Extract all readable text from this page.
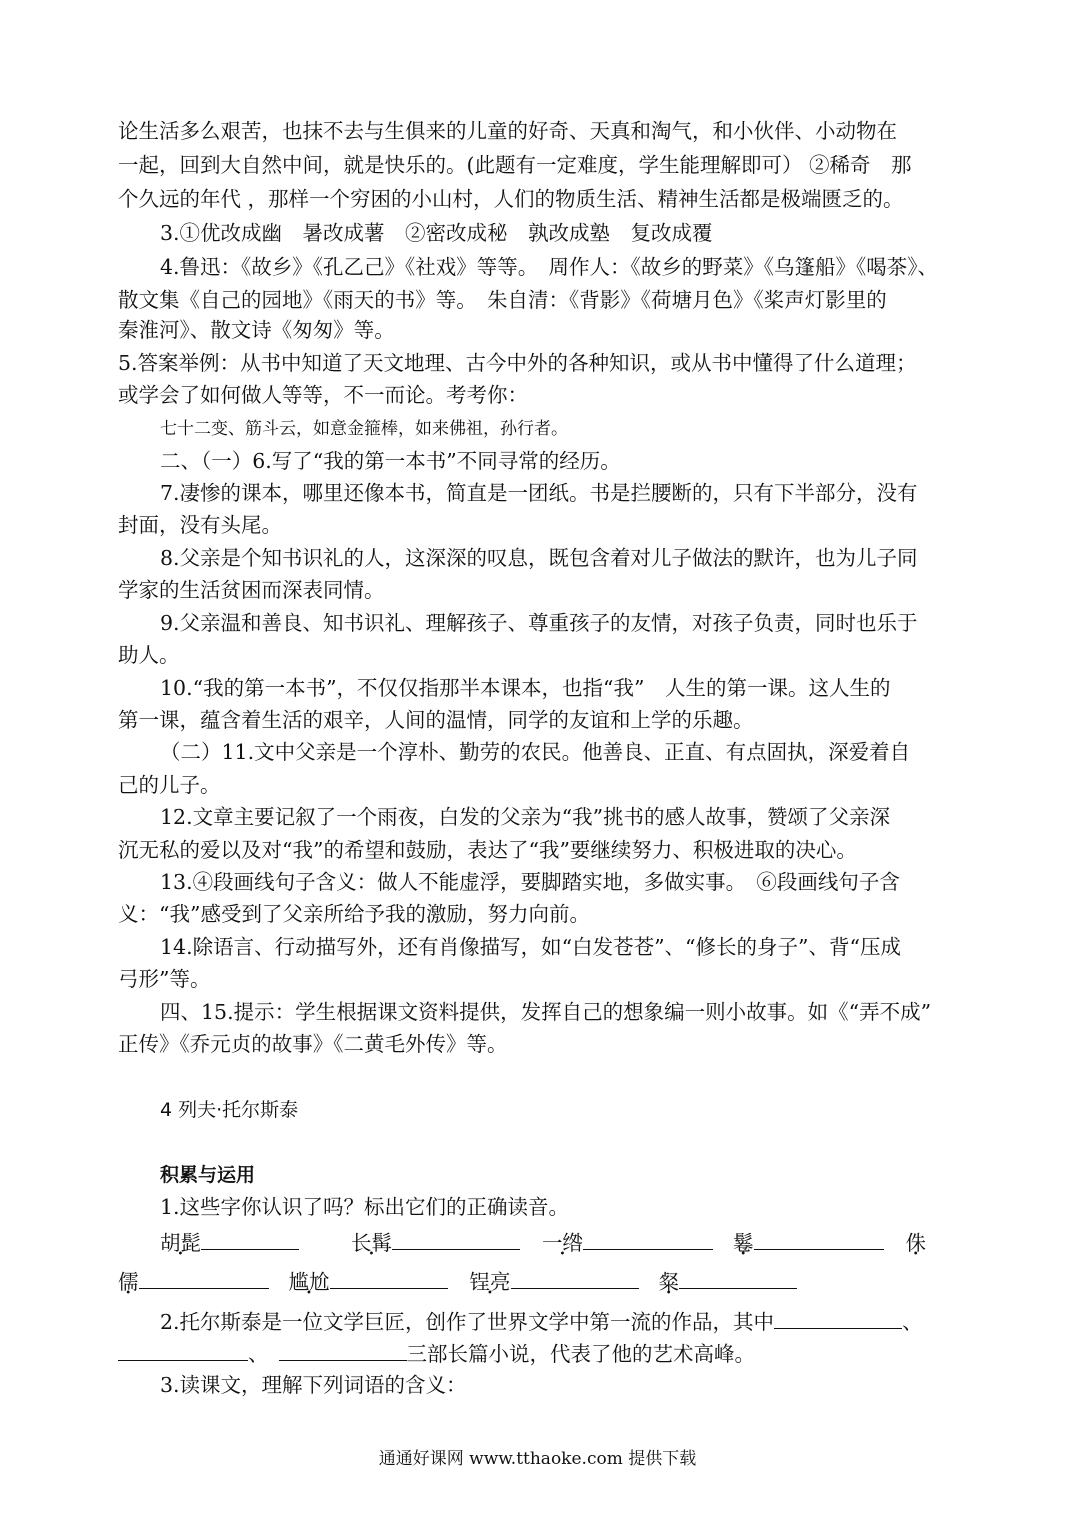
论生活多么艰苦，也抹不去与生俱来的儿童的好奇、天真和淘气，和小伙伴、小动物在
一起，回到大自然中间，就是快乐的。(此题有一定难度，学生能理解即可） ②稀奇　那
个久远的年代 ，那样一个穷困的小山村，人们的物质生活、精神生活都是极端匮乏的。
3.①优改成幽　暑改成薯　②密改成秘　孰改成塾　复改成覆
4.鲁迅：《故乡》《孔乙己》《社戏》等等。　周作人：《故乡的野菜》《乌篷船》《喝茶》、
散文集《自己的园地》《雨天的书》等。　朱自清：《背影》《荷塘月色》《桨声灯影里的
秦淮河》、散文诗《匆匆》等。
5.答案举例：从书中知道了天文地理、古今中外的各种知识，或从书中懂得了什么道理；
或学会了如何做人等等，不一而论。考考你：
七十二变、筋斗云，如意金箍棒，如来佛祖，孙行者。
二、（一）6.写了“我的第一本书”不同寻常的经历。
7.凄惨的课本，哪里还像本书，简直是一团纸。书是拦腰断的，只有下半部分，没有
封面，没有头尾。
8.父亲是个知书识礼的人，这深深的叹息，既包含着对儿子做法的默许，也为儿子同
学家的生活贫困而深表同情。
9.父亲温和善良、知书识礼、理解孩子、尊重孩子的友情，对孩子负责，同时也乐于
助人。
10.“我的第一本书”，不仅仅指那半本课本，也指“我”　人生的第一课。这人生的
第一课，蕴含着生活的艰辛，人间的温情，同学的友谊和上学的乐趣。
（二）11.文中父亲是一个淳朴、勤劳的农民。他善良、正直、有点固执，深爱着自
己的儿子。
12.文章主要记叙了一个雨夜，白发的父亲为“我”挑书的感人故事，赞颂了父亲深
沉无私的爱以及对“我”的希望和鼓励，表达了“我”要继续努力、积极进取的决心。
13.④段画线句子含义：做人不能虚浮，要脚踏实地，多做实事。　⑥段画线句子含
义：“我”感受到了父亲所给予我的激励，努力向前。
14.除语言、行动描写外，还有肖像描写，如“白发苍苍”、“修长的身子”、背“压成
弓形”等。
四、15.提示：学生根据课文资料提供，发挥自己的想象编一则小故事。如《“弄不成”
正传》《乔元贞的故事》《二黄毛外传》等。
4 列夫·托尔斯泰
积累与运用
1.这些字你认识了吗？标出它们的正确读音。
胡髭	长髯	一绺	鬈	侏
儒	尴尬	锃亮	粲
2.托尔斯泰是一位文学巨匠，创作了世界文学中第一流的作品，其中	、
、	三部长篇小说，代表了他的艺术高峰。
3.读课文，理解下列词语的含义：
通通好课网 www.tthaoke.com 提供下载
